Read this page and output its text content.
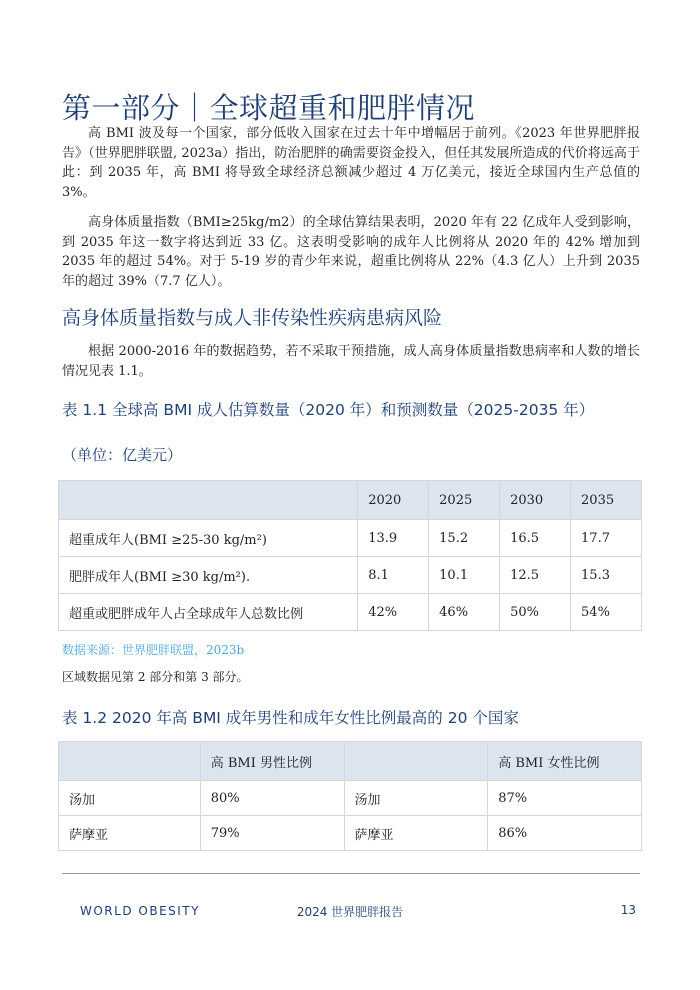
第一部分｜全球超重和肥胖情况

高 BMI 波及每一个国家，部分低收入国家在过去十年中增幅居于前列。《2023 年世界肥胖报告》（世界肥胖联盟, 2023a）指出，防治肥胖的确需要资金投入，但任其发展所造成的代价将远高于此：到 2035 年，高 BMI 将导致全球经济总额减少超过 4 万亿美元，接近全球国内生产总值的 3%。

高身体质量指数（BMI≥25kg/m2）的全球估算结果表明，2020 年有 22 亿成年人受到影响，到 2035 年这一数字将达到近 33 亿。这表明受影响的成年人比例将从 2020 年的 42% 增加到 2035 年的超过 54%。对于 5-19 岁的青少年来说，超重比例将从 22%（4.3 亿人）上升到 2035 年的超过 39%（7.7 亿人）。

高身体质量指数与成人非传染性疾病患病风险

根据 2000-2016 年的数据趋势，若不采取干预措施，成人高身体质量指数患病率和人数的增长情况见表 1.1。

表 1.1 全球高 BMI 成人估算数量（2020 年）和预测数量（2025-2035 年）
（单位：亿美元）
	2020	2025	2030	2035
超重成年人(BMI ≥25-30 kg/m²)	13.9	15.2	16.5	17.7
肥胖成年人(BMI ≥30 kg/m²).	8.1	10.1	12.5	15.3
超重或肥胖成年人占全球成年人总数比例	42%	46%	50%	54%
数据来源：世界肥胖联盟，2023b
区域数据见第 2 部分和第 3 部分。
表 1.2 2020 年高 BMI 成年男性和成年女性比例最高的 20 个国家
	高 BMI 男性比例		高 BMI 女性比例
汤加	80%	汤加	87%
萨摩亚	79%	萨摩亚	86%
WORLD OBESITY	2024 世界肥胖报告	13
